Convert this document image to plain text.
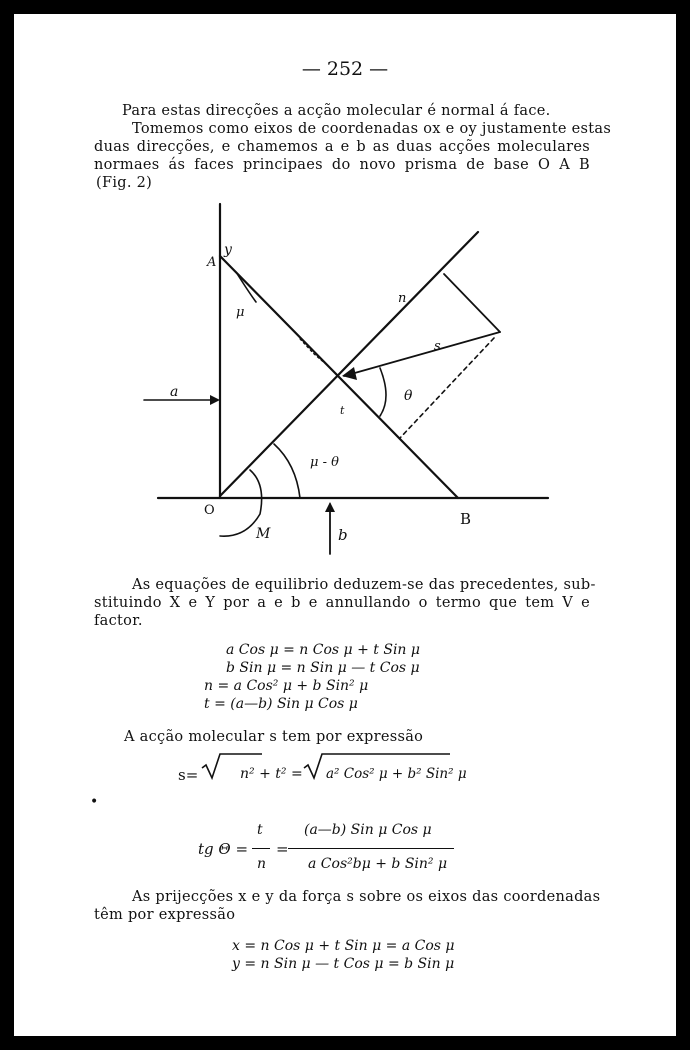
— 252 —
Para estas direcções a acção molecular é normal á face.
Tomemos como eixos de coordenadas ox e oy justamente estas
duas direcções, e chamemos a e b as duas acções moleculares
normaes ás faces principaes do novo prisma de base O A B
(Fig. 2)
A
y
μ
n
s
θ
t
a
μ - θ
O
M	b
B
As equações de equilibrio deduzem-se das precedentes, sub-
stituindo X e Y por a e b e annullando o termo que tem V e
factor.
a Cos μ = n Cos μ + t Sin μ
b Sin μ = n Sin μ — t Cos μ
n = a Cos² μ + b Sin² μ
t = (a—b) Sin μ Cos μ
A acção molecular s tem por expressão
s=	n² + t² = a² Cos² μ + b² Sin² μ
•
tg Θ =
t
n
=
(a—b) Sin μ Cos μ
a Cos²bμ + b Sin² μ
As prijecções x e y da força s sobre os eixos das coordenadas
têm por expressão
x = n Cos μ + t Sin μ = a Cos μ
y = n Sin μ — t Cos μ = b Sin μ
